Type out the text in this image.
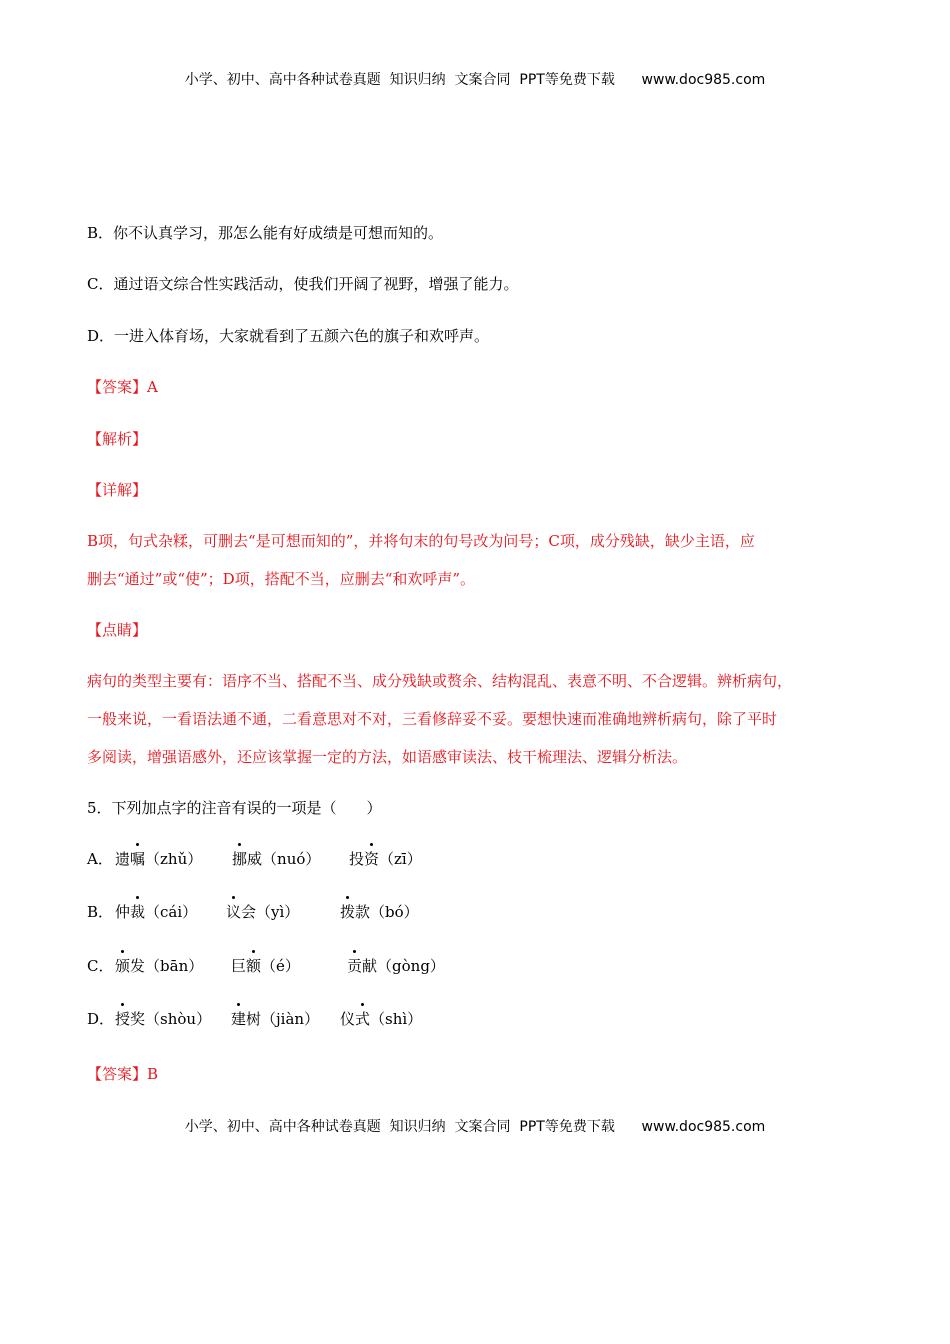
小学、初中、高中各种试卷真题  知识归纳  文案合同  PPT等免费下载      www.doc985.com
B．你不认真学习，那怎么能有好成绩是可想而知的。
C．通过语文综合性实践活动，使我们开阔了视野，增强了能力。
D．一进入体育场，大家就看到了五颜六色的旗子和欢呼声。
【答案】A
【解析】
【详解】
B项，句式杂糅，可删去“是可想而知的”，并将句末的句号改为问号；C项，成分残缺，缺少主语，应
删去“通过”或“使”；D项，搭配不当，应删去“和欢呼声”。
【点睛】
病句的类型主要有：语序不当、搭配不当、成分残缺或赘余、结构混乱、表意不明、不合逻辑。辨析病句，
一般来说，一看语法通不通，二看意思对不对，三看修辞妥不妥。要想快速而准确地辨析病句，除了平时
多阅读，增强语感外，还应该掌握一定的方法，如语感审读法、枝干梳理法、逻辑分析法。
5．下列加点字的注音有误的一项是（　　）
A． 遗嘱（zhǔ） 挪威（nuó） 投资（zī）
B． 仲裁（cái） 议会（yì）	拨款（bó）
C． 颁发（bān） 巨额（é）	贡献（gòng）
D． 授奖（shòu） 建树（jiàn） 仪式（shì）
【答案】B
小学、初中、高中各种试卷真题  知识归纳  文案合同  PPT等免费下载      www.doc985.com
